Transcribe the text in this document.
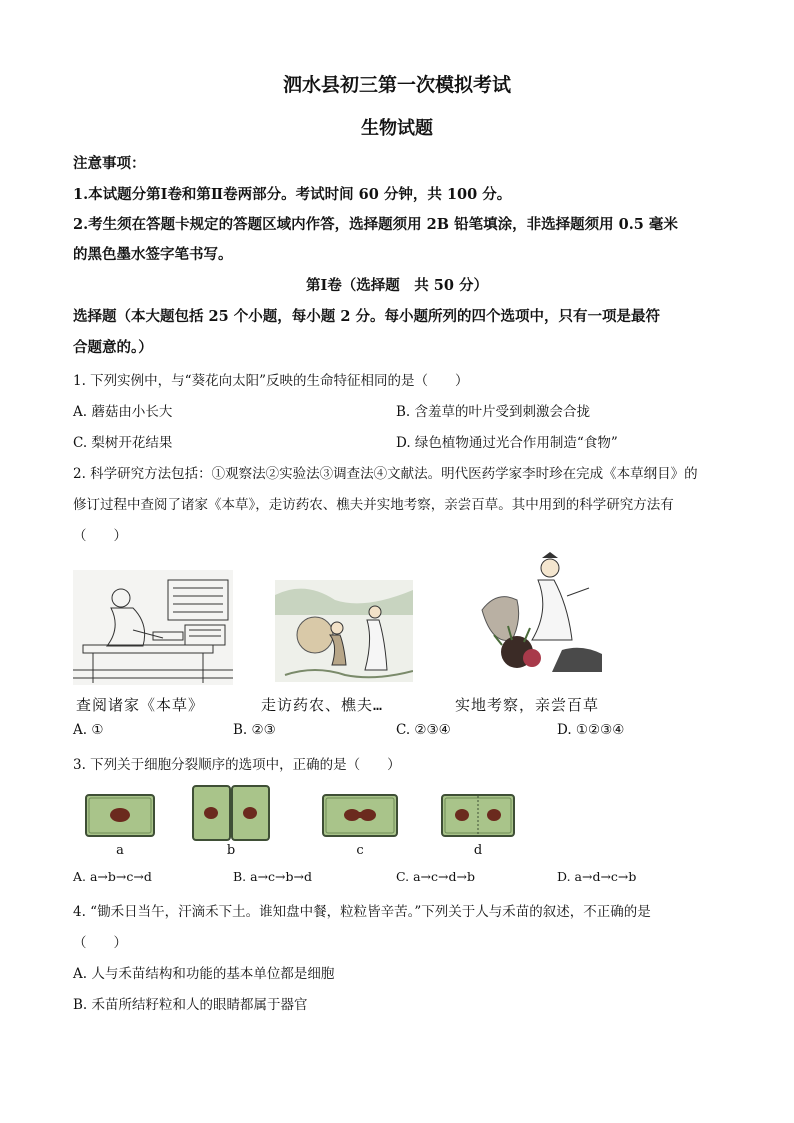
泗水县初三第一次模拟考试
生物试题
注意事项：
1.本试题分第Ⅰ卷和第Ⅱ卷两部分。考试时间 60 分钟，共 100 分。
2.考生须在答题卡规定的答题区域内作答，选择题须用 2B 铅笔填涂，非选择题须用 0.5 毫米
的黑色墨水签字笔书写。
第Ⅰ卷（选择题　共 50 分）
选择题（本大题包括 25 个小题，每小题 2 分。每小题所列的四个选项中，只有一项是最符
合题意的。）
1. 下列实例中，与“葵花向太阳”反映的生命特征相同的是（　　）
A. 蘑菇由小长大	B. 含羞草的叶片受到刺激会合拢
C. 梨树开花结果	D. 绿色植物通过光合作用制造“食物”
2. 科学研究方法包括：①观察法②实验法③调查法④文献法。明代医药学家李时珍在完成《本草纲目》的
修订过程中查阅了诸家《本草》，走访药农、樵夫并实地考察，亲尝百草。其中用到的科学研究方法有
（　　）
查阅诸家《本草》	走访药农、樵夫…	实地考察，亲尝百草
A. ①	B. ②③	C. ②③④	D. ①②③④
3. 下列关于细胞分裂顺序的选项中，正确的是（　　）
a	b	c	d
A. a→b→c→d	B. a→c→b→d	C. a→c→d→b	D. a→d→c→b
4. “锄禾日当午，汗滴禾下土。谁知盘中餐，粒粒皆辛苦。”下列关于人与禾苗的叙述，不正确的是
（　　）
A. 人与禾苗结构和功能的基本单位都是细胞
B. 禾苗所结籽粒和人的眼睛都属于器官
